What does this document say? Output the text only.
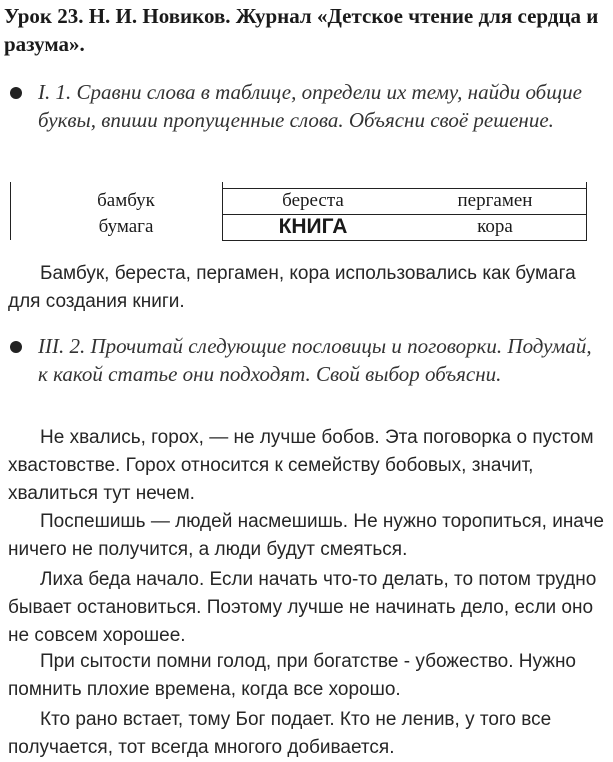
Урок 23. Н. И. Новиков. Журнал «Детское чтение для сердца и разума».
I. 1. Сравни слова в таблице, определи их тему, найди общие буквы, впиши пропущенные слова. Объясни своё решение.
бамбук
бумага
береста	пергамен
КНИГА	кора

Бамбук, береста, пергамен, кора использовались как бумага для создания книги.

III. 2. Прочитай следующие пословицы и поговорки. Подумай, к какой статье они подходят. Свой выбор объясни.

Не хвались, горох, — не лучше бобов. Эта поговорка о пустом хвастовстве. Горох относится к семейству бобовых, значит, хвалиться тут нечем.

Поспешишь — людей насмешишь. Не нужно торопиться, иначе ничего не получится, а люди будут смеяться.

Лиха беда начало. Если начать что-то делать, то потом трудно бывает остановиться. Поэтому лучше не начинать дело, если оно не совсем хорошее.

При сытости помни голод, при богатстве - убожество. Нужно помнить плохие времена, когда все хорошо.

Кто рано встает, тому Бог подает. Кто не ленив, у того все получается, тот всегда многого добивается.
